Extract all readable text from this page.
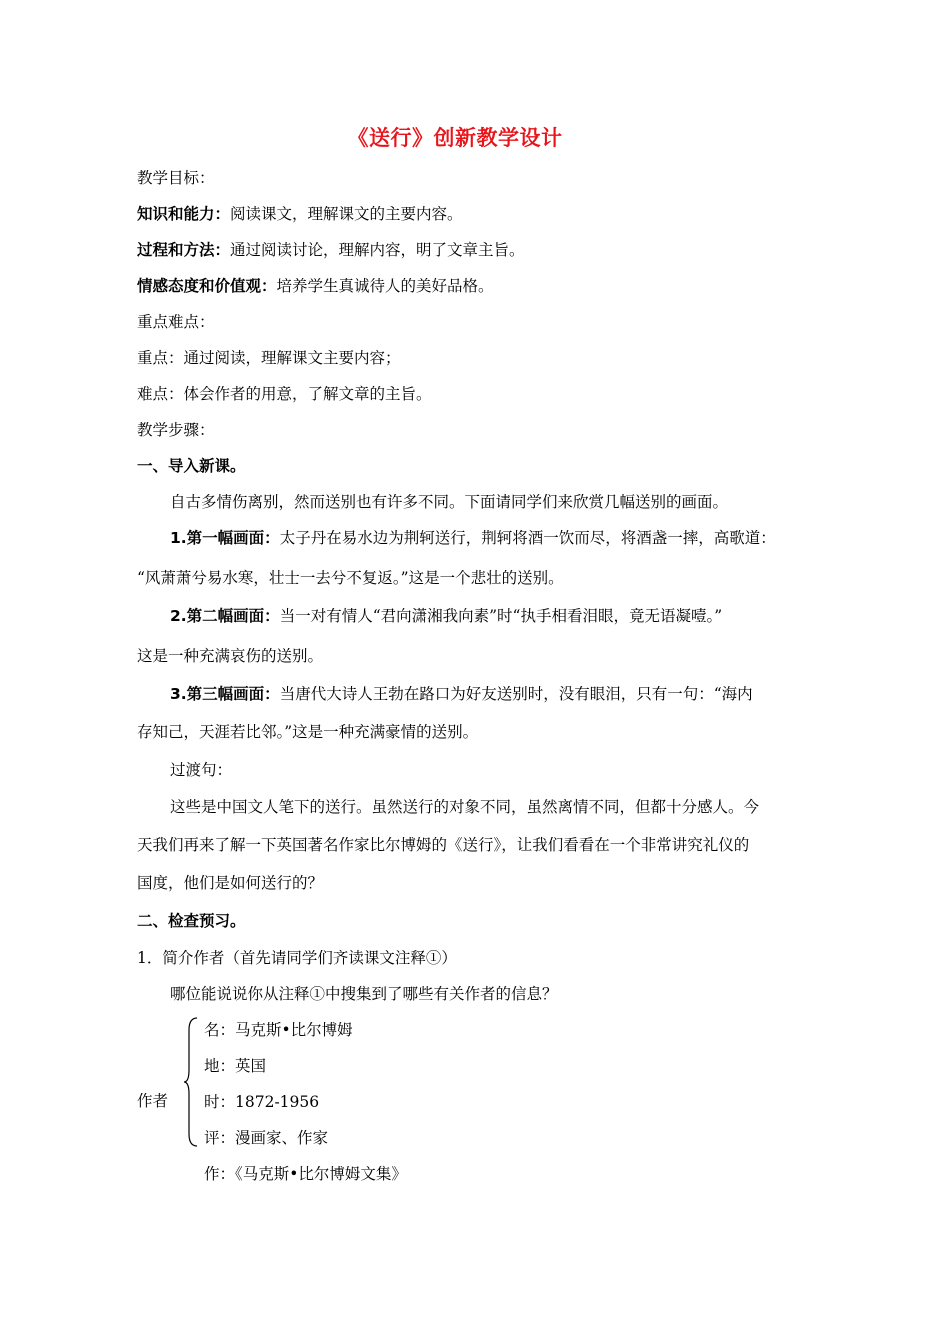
《送行》创新教学设计
教学目标：
知识和能力：阅读课文，理解课文的主要内容。
过程和方法：通过阅读讨论，理解内容，明了文章主旨。
情感态度和价值观：培养学生真诚待人的美好品格。
重点难点：
重点：通过阅读，理解课文主要内容；
难点：体会作者的用意，了解文章的主旨。
教学步骤：
一、导入新课。
自古多情伤离别，然而送别也有许多不同。下面请同学们来欣赏几幅送别的画面。
1.第一幅画面：太子丹在易水边为荆轲送行，荆轲将酒一饮而尽，将酒盏一摔，高歌道：
“风萧萧兮易水寒，壮士一去兮不复返。”这是一个悲壮的送别。
2.第二幅画面：当一对有情人“君向潇湘我向素”时“执手相看泪眼，竟无语凝噎。”
这是一种充满哀伤的送别。
3.第三幅画面：当唐代大诗人王勃在路口为好友送别时，没有眼泪，只有一句：“海内
存知己，天涯若比邻。”这是一种充满豪情的送别。
过渡句：
这些是中国文人笔下的送行。虽然送行的对象不同，虽然离情不同，但都十分感人。今
天我们再来了解一下英国著名作家比尔博姆的《送行》，让我们看看在一个非常讲究礼仪的
国度，他们是如何送行的？
二、检查预习。
1．简介作者（首先请同学们齐读课文注释①）
哪位能说说你从注释①中搜集到了哪些有关作者的信息？
作者
名：马克斯•比尔博姆
地：英国
时：1872-1956
评：漫画家、作家
作：《马克斯•比尔博姆文集》
